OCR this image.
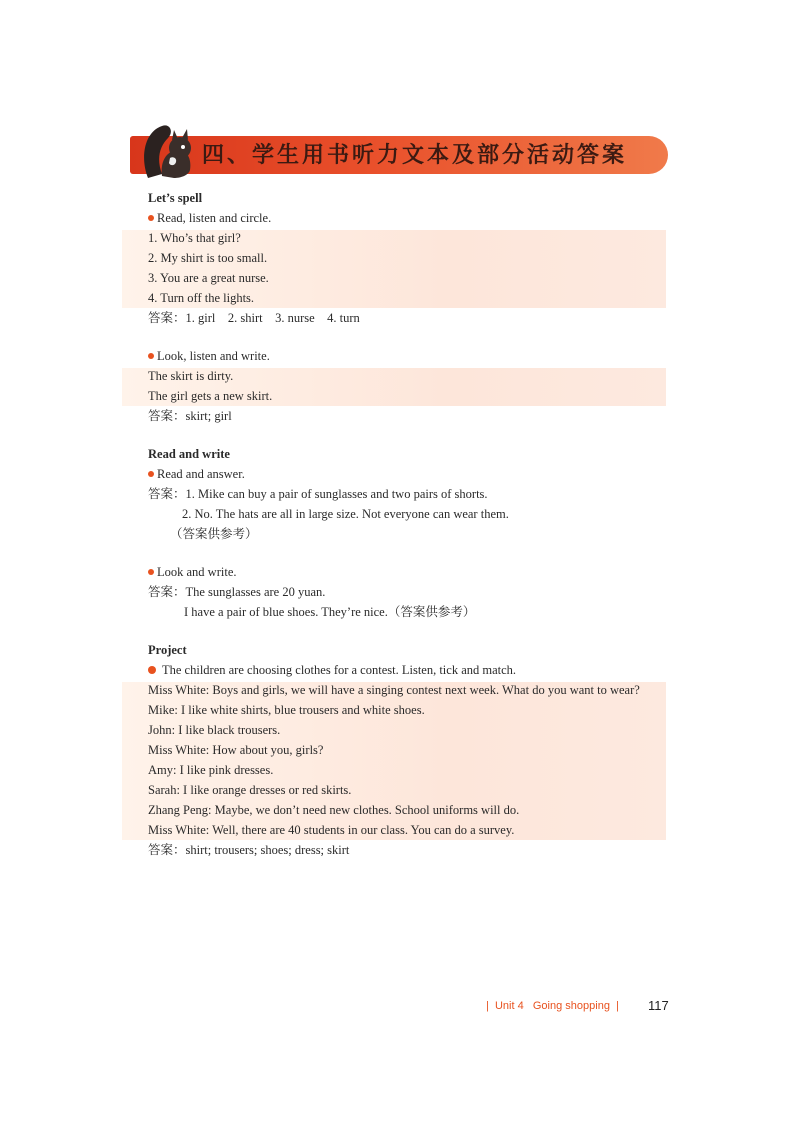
四、学生用书听力文本及部分活动答案

Let’s spell

Read, listen and circle.

1. Who’s that girl?

2. My shirt is too small.

3. You are a great nurse.

4. Turn off the lights.

答案：1. girl    2. shirt    3. nurse    4. turn

Look, listen and write.

The skirt is dirty.

The girl gets a new skirt.

答案：skirt; girl

Read and write

Read and answer.

答案：1. Mike can buy a pair of sunglasses and two pairs of shorts.

2. No. The hats are all in large size. Not everyone can wear them.

（答案供参考）

Look and write.

答案：The sunglasses are 20 yuan.

I have a pair of blue shoes. They’re nice.（答案供参考）

Project

The children are choosing clothes for a contest. Listen, tick and match.

Miss White: Boys and girls, we will have a singing contest next week. What do you want to wear?

Mike: I like white shirts, blue trousers and white shoes.

John: I like black trousers.

Miss White: How about you, girls?

Amy: I like pink dresses.

Sarah: I like orange dresses or red skirts.

Zhang Peng: Maybe, we don’t need new clothes. School uniforms will do.

Miss White: Well, there are 40 students in our class. You can do a survey.

答案：shirt; trousers; shoes; dress; skirt

|  Unit 4   Going shopping  | 117
